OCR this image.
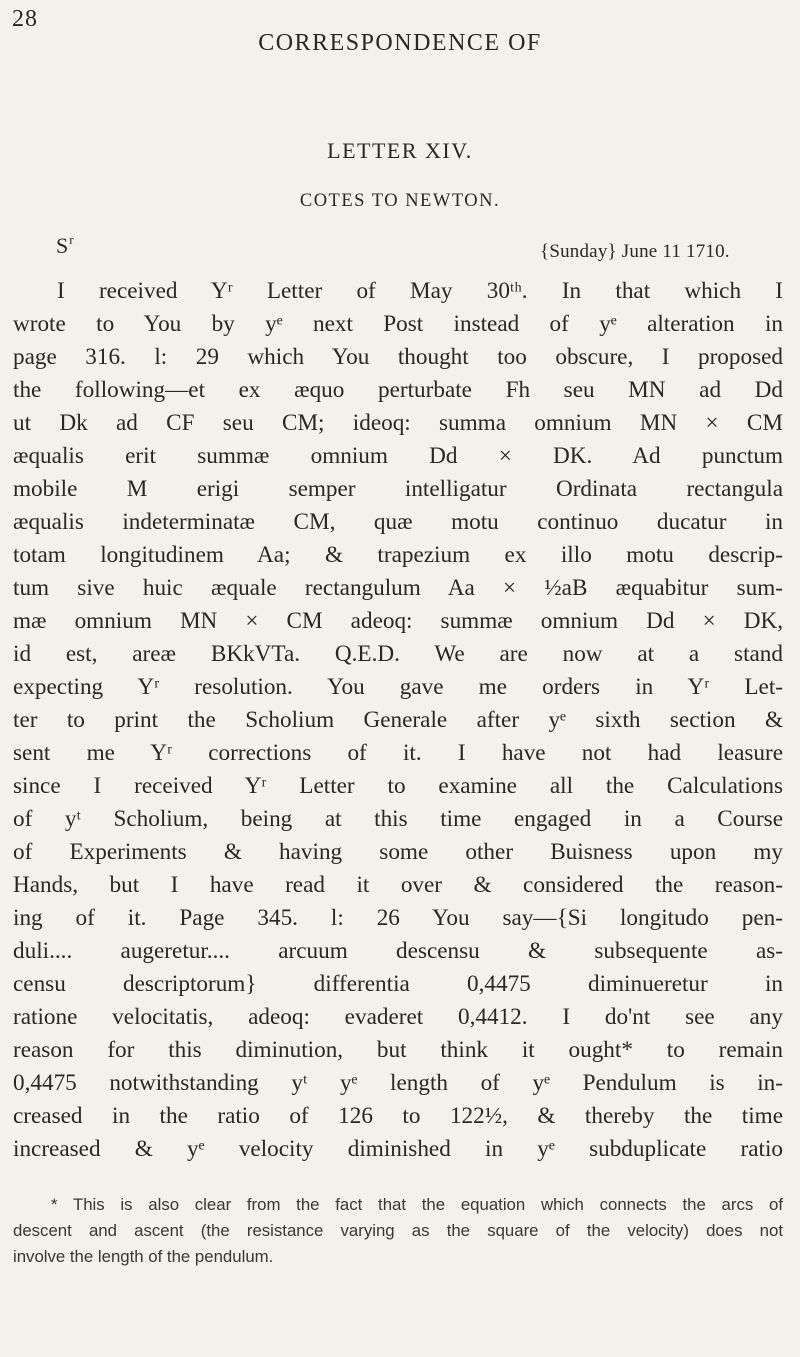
28
CORRESPONDENCE OF
LETTER XIV.
COTES TO NEWTON.
$S^r$
{Sunday} June 11 1710.
I received Yʳ Letter of May 30ᵗʰ. In that which I
wrote to You by yᵉ next Post instead of yᵉ alteration in
page 316. l: 29 which You thought too obscure, I proposed
the following—et ex æquo perturbate Fh seu MN ad Dd
ut Dk ad CF seu CM; ideoq: summa omnium MN × CM
æqualis erit summæ omnium Dd × DK. Ad punctum
mobile M erigi semper intelligatur Ordinata rectangula
æqualis indeterminatæ CM, quæ motu continuo ducatur in
totam longitudinem Aa; & trapezium ex illo motu descrip-
tum sive huic æquale rectangulum Aa × ½aB æquabitur sum-
mæ omnium MN × CM adeoq: summæ omnium Dd × DK,
id est, areæ BKkVTa. Q.E.D. We are now at a stand
expecting Yʳ resolution. You gave me orders in Yʳ Let-
ter to print the Scholium Generale after yᵉ sixth section &
sent me Yʳ corrections of it. I have not had leasure
since I received Yʳ Letter to examine all the Calculations
of yᵗ Scholium, being at this time engaged in a Course
of Experiments & having some other Buisness upon my
Hands, but I have read it over & considered the reason-
ing of it. Page 345. l: 26 You say—{Si longitudo pen-
duli.... augeretur.... arcuum descensu & subsequente as-
censu descriptorum} differentia 0,4475 diminueretur in
ratione velocitatis, adeoq: evaderet 0,4412. I do'nt see any
reason for this diminution, but think it ought* to remain
0,4475 notwithstanding yᵗ yᵉ length of yᵉ Pendulum is in-
creased in the ratio of 126 to 122½, & thereby the time
increased & yᵉ velocity diminished in yᵉ subduplicate ratio
* This is also clear from the fact that the equation which connects the arcs of
descent and ascent (the resistance varying as the square of the velocity) does not
involve the length of the pendulum.
